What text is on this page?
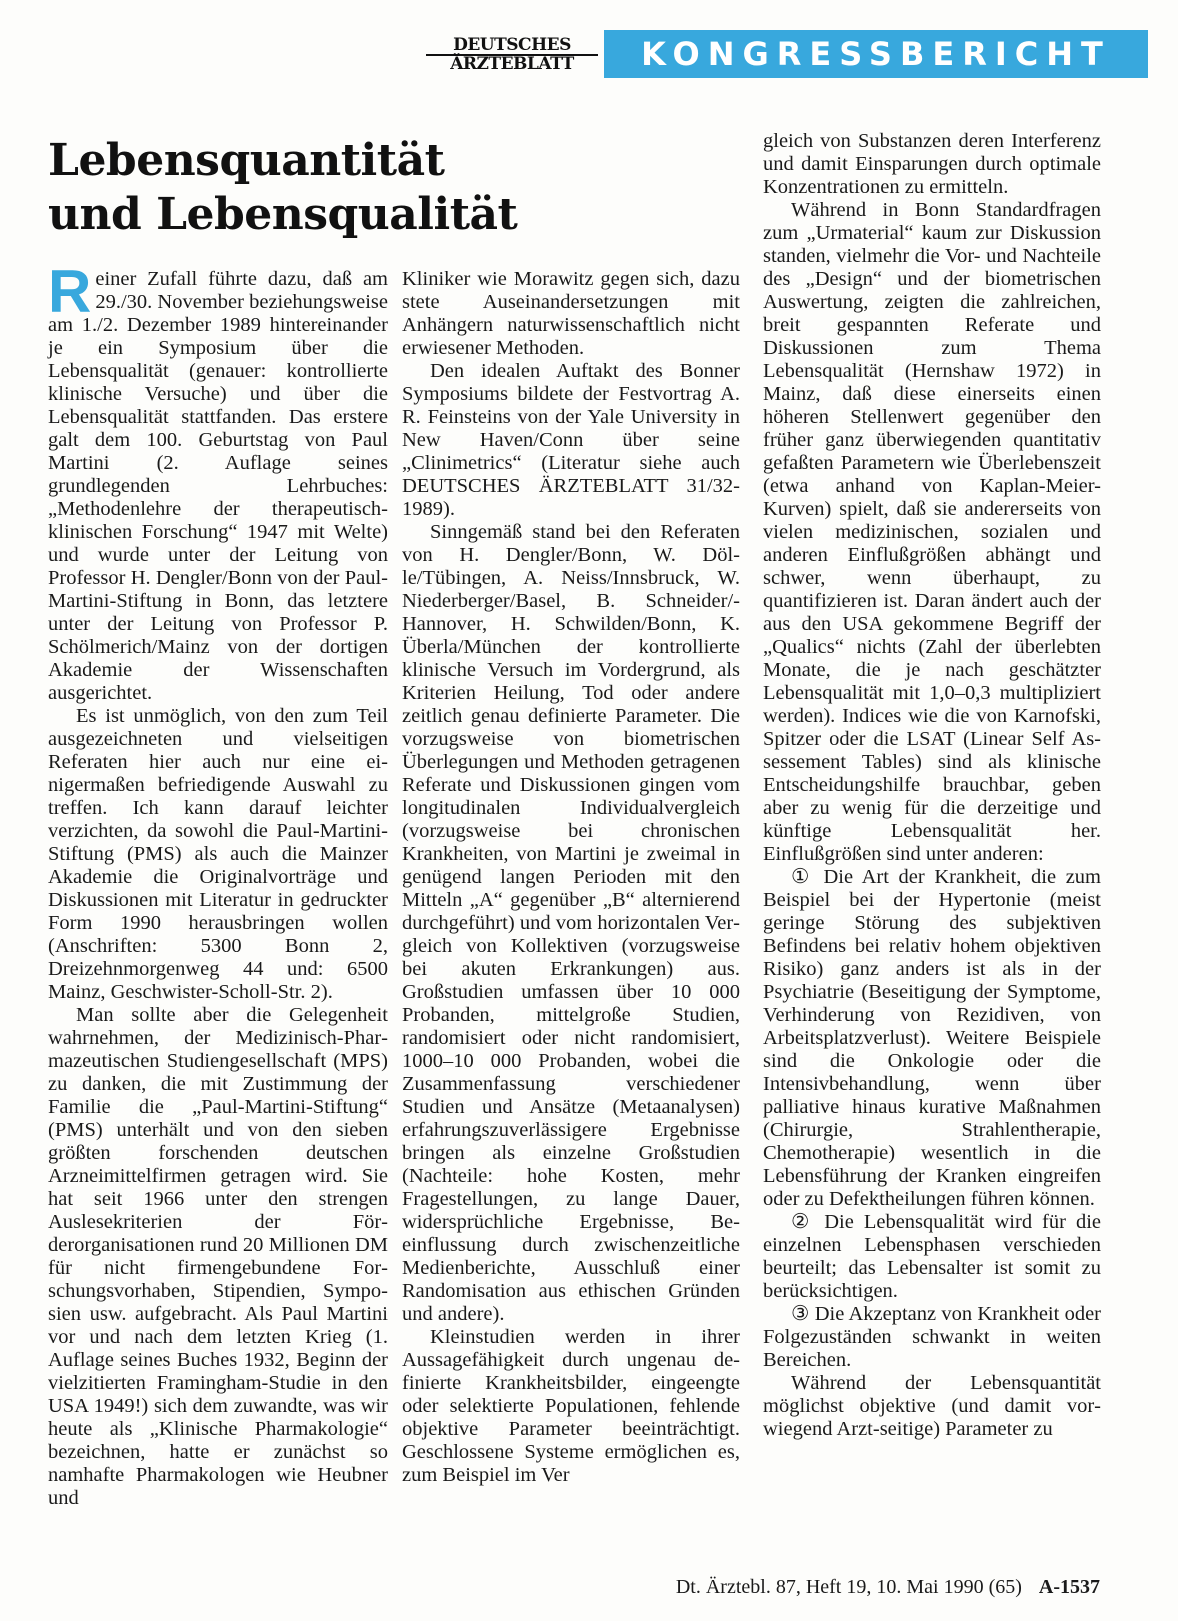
DEUTSCHES
ÄRZTEBLATT	KONGRESSBERICHT
Lebensquantität und Lebensqualität

Reiner Zufall führte dazu, daß am 29./30. November beziehungsweise am 1./2. Dezember 1989 hintereinander je ein Symposium über die Lebensqualität (genauer: kontrollierte klinische Versuche) und über die Lebensqualität stattfanden. Das erstere galt dem 100. Geburtstag von Paul Martini (2. Auflage seines grundlegenden Lehrbuches: „Methodenlehre der therapeutisch-klinischen Forschung“ 1947 mit Welte) und wurde unter der Leitung von Professor H. Dengler/Bonn von der Paul-Martini-Stiftung in Bonn, das letztere unter der Leitung von Professor P. Schölmerich/Mainz von der dortigen Akademie der Wissenschaften ausgerichtet.

Es ist unmöglich, von den zum Teil ausgezeichneten und vielseitigen Referaten hier auch nur eine einigermaßen befriedigende Auswahl zu treffen. Ich kann darauf leichter verzichten, da sowohl die Paul-Martini-Stiftung (PMS) als auch die Mainzer Akademie die Originalvorträge und Diskussionen mit Literatur in gedruckter Form 1990 herausbringen wollen (Anschriften: 5300 Bonn 2, Dreizehnmorgenweg 44 und: 6500 Mainz, Geschwister-Scholl-Str. 2).

Man sollte aber die Gelegenheit wahrnehmen, der Medizinisch-Pharmazeutischen Studiengesellschaft (MPS) zu danken, die mit Zustimmung der Familie die „Paul-Martini-Stiftung“ (PMS) unterhält und von den sieben größten forschenden deutschen Arzneimittelfirmen getragen wird. Sie hat seit 1966 unter den strengen Auslesekriterien der Förderorganisationen rund 20 Millionen DM für nicht firmengebundene Forschungsvorhaben, Stipendien, Symposien usw. aufgebracht. Als Paul Martini vor und nach dem letzten Krieg (1. Auflage seines Buches 1932, Beginn der vielzitierten Framingham-Studie in den USA 1949!) sich dem zuwandte, was wir heute als „Klinische Pharmakologie“ bezeichnen, hatte er zunächst so namhafte Pharmakologen wie Heubner und

Kliniker wie Morawitz gegen sich, dazu stete Auseinandersetzungen mit Anhängern naturwissenschaftlich nicht erwiesener Methoden.

Den idealen Auftakt des Bonner Symposiums bildete der Festvortrag A. R. Feinsteins von der Yale University in New Haven/Conn über seine „Clinimetrics“ (Literatur siehe auch DEUTSCHES ÄRZTEBLATT 31/32-1989).

Sinngemäß stand bei den Referaten von H. Dengler/Bonn, W. Dölle/Tübingen, A. Neiss/Innsbruck, W. Niederberger/Basel, B. Schneider/-Hannover, H. Schwilden/Bonn, K. Überla/München der kontrollierte klinische Versuch im Vordergrund, als Kriterien Heilung, Tod oder andere zeitlich genau definierte Parameter. Die vorzugsweise von biometrischen Überlegungen und Methoden getragenen Referate und Diskussionen gingen vom longitudinalen Individualvergleich (vorzugsweise bei chronischen Krankheiten, von Martini je zweimal in genügend langen Perioden mit den Mitteln „A“ gegenüber „B“ alternierend durchgeführt) und vom horizontalen Vergleich von Kollektiven (vorzugsweise bei akuten Erkrankungen) aus. Großstudien umfassen über 10 000 Probanden, mittelgroße Studien, randomisiert oder nicht randomisiert, 1000–10 000 Probanden, wobei die Zusammenfassung verschiedener Studien und Ansätze (Metaanalysen) erfahrungszuverlässigere Ergebnisse bringen als einzelne Großstudien (Nachteile: hohe Kosten, mehr Fragestellungen, zu lange Dauer, widersprüchliche Ergebnisse, Beeinflussung durch zwischenzeitliche Medienberichte, Ausschluß einer Randomisation aus ethischen Gründen und andere).

Kleinstudien werden in ihrer Aussagefähigkeit durch ungenau definierte Krankheitsbilder, eingeengte oder selektierte Populationen, fehlende objektive Parameter beeinträchtigt. Geschlossene Systeme ermöglichen es, zum Beispiel im Ver

gleich von Substanzen deren Interferenz und damit Einsparungen durch optimale Konzentrationen zu ermitteln.

Während in Bonn Standardfragen zum „Urmaterial“ kaum zur Diskussion standen, vielmehr die Vor- und Nachteile des „Design“ und der biometrischen Auswertung, zeigten die zahlreichen, breit gespannten Referate und Diskussionen zum Thema Lebensqualität (Hernshaw 1972) in Mainz, daß diese einerseits einen höheren Stellenwert gegenüber den früher ganz überwiegenden quantitativ gefaßten Parametern wie Überlebenszeit (etwa anhand von Kaplan-Meier-Kurven) spielt, daß sie andererseits von vielen medizinischen, sozialen und anderen Einflußgrößen abhängt und schwer, wenn überhaupt, zu quantifizieren ist. Daran ändert auch der aus den USA gekommene Begriff der „Qualics“ nichts (Zahl der überlebten Monate, die je nach geschätzter Lebensqualität mit 1,0–0,3 multipliziert werden). Indices wie die von Karnofski, Spitzer oder die LSAT (Linear Self Assessement Tables) sind als klinische Entscheidungshilfe brauchbar, geben aber zu wenig für die derzeitige und künftige Lebensqualität her. Einflußgrößen sind unter anderen:

① Die Art der Krankheit, die zum Beispiel bei der Hypertonie (meist geringe Störung des subjektiven Befindens bei relativ hohem objektiven Risiko) ganz anders ist als in der Psychiatrie (Beseitigung der Symptome, Verhinderung von Rezidiven, von Arbeitsplatzverlust). Weitere Beispiele sind die Onkologie oder die Intensivbehandlung, wenn über palliative hinaus kurative Maßnahmen (Chirurgie, Strahlentherapie, Chemotherapie) wesentlich in die Lebensführung der Kranken eingreifen oder zu Defektheilungen führen können.

② Die Lebensqualität wird für die einzelnen Lebensphasen verschieden beurteilt; das Lebensalter ist somit zu berücksichtigen.

③ Die Akzeptanz von Krankheit oder Folgezuständen schwankt in weiten Bereichen.

Während der Lebensquantität möglichst objektive (und damit vorwiegend Arzt-seitige) Parameter zu

Dt. Ärztebl. 87, Heft 19, 10. Mai 1990 (65) A-1537
